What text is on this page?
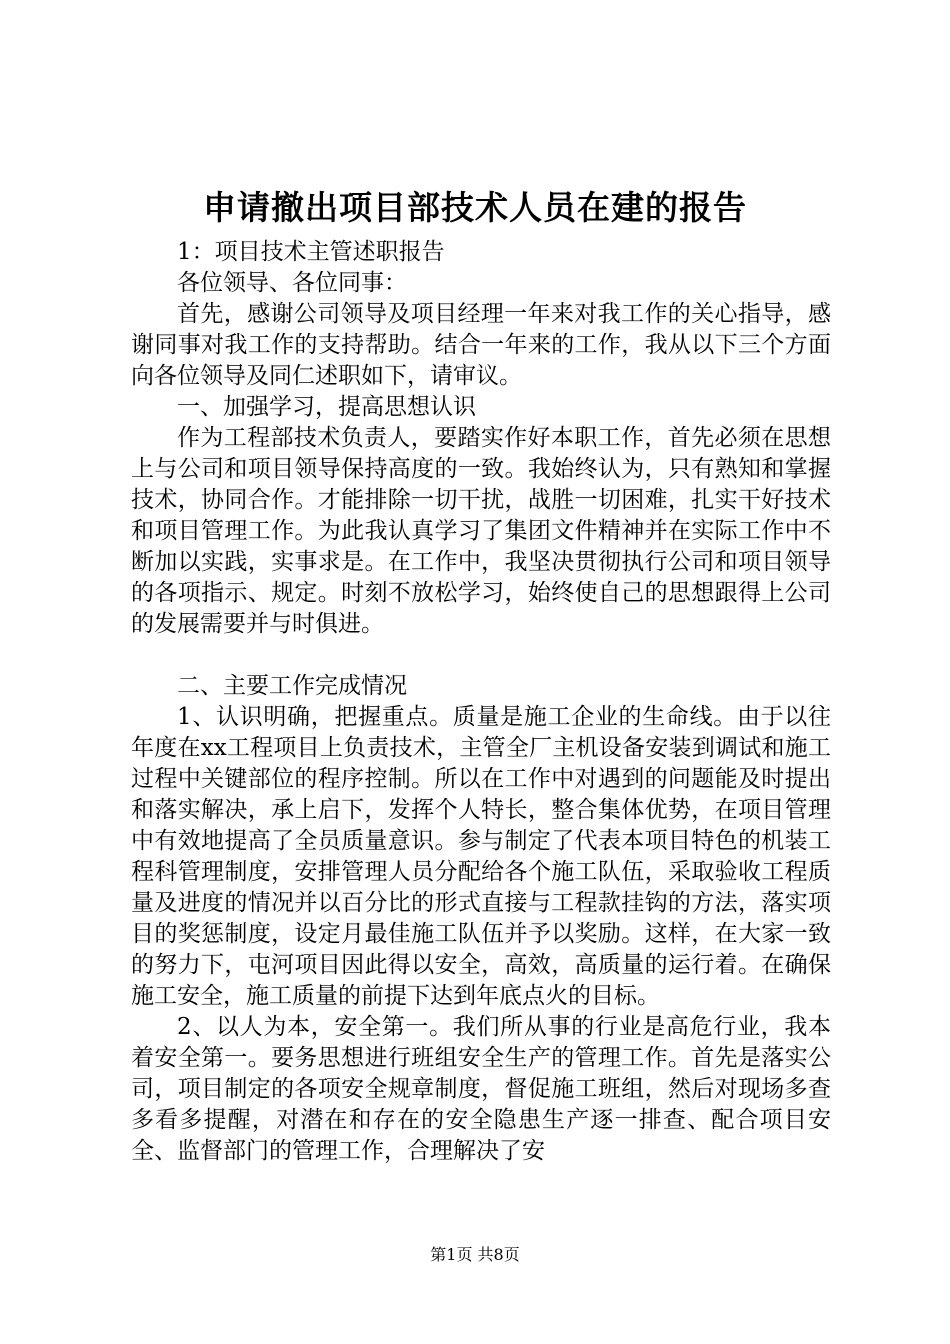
申请撤出项目部技术人员在建的报告

1：项目技术主管述职报告

各位领导、各位同事：

首先，感谢公司领导及项目经理一年来对我工作的关心指导，感谢同事对我工作的支持帮助。结合一年来的工作，我从以下三个方面向各位领导及同仁述职如下，请审议。

一、加强学习，提高思想认识

作为工程部技术负责人，要踏实作好本职工作，首先必须在思想上与公司和项目领导保持高度的一致。我始终认为，只有熟知和掌握技术，协同合作。才能排除一切干扰，战胜一切困难，扎实干好技术和项目管理工作。为此我认真学习了集团文件精神并在实际工作中不断加以实践，实事求是。在工作中，我坚决贯彻执行公司和项目领导的各项指示、规定。时刻不放松学习，始终使自己的思想跟得上公司的发展需要并与时俱进。

二、主要工作完成情况

1、认识明确，把握重点。质量是施工企业的生命线。由于以往年度在xx工程项目上负责技术，主管全厂主机设备安装到调试和施工过程中关键部位的程序控制。所以在工作中对遇到的问题能及时提出和落实解决，承上启下，发挥个人特长，整合集体优势，在项目管理中有效地提高了全员质量意识。参与制定了代表本项目特色的机装工程科管理制度，安排管理人员分配给各个施工队伍，采取验收工程质量及进度的情况并以百分比的形式直接与工程款挂钩的方法，落实项目的奖惩制度，设定月最佳施工队伍并予以奖励。这样，在大家一致的努力下，屯河项目因此得以安全，高效，高质量的运行着。在确保施工安全，施工质量的前提下达到年底点火的目标。

2、以人为本，安全第一。我们所从事的行业是高危行业，我本着安全第一。要务思想进行班组安全生产的管理工作。首先是落实公司，项目制定的各项安全规章制度，督促施工班组，然后对现场多查多看多提醒，对潜在和存在的安全隐患生产逐一排查、配合项目安全、监督部门的管理工作，合理解决了安

第1页 共8页
